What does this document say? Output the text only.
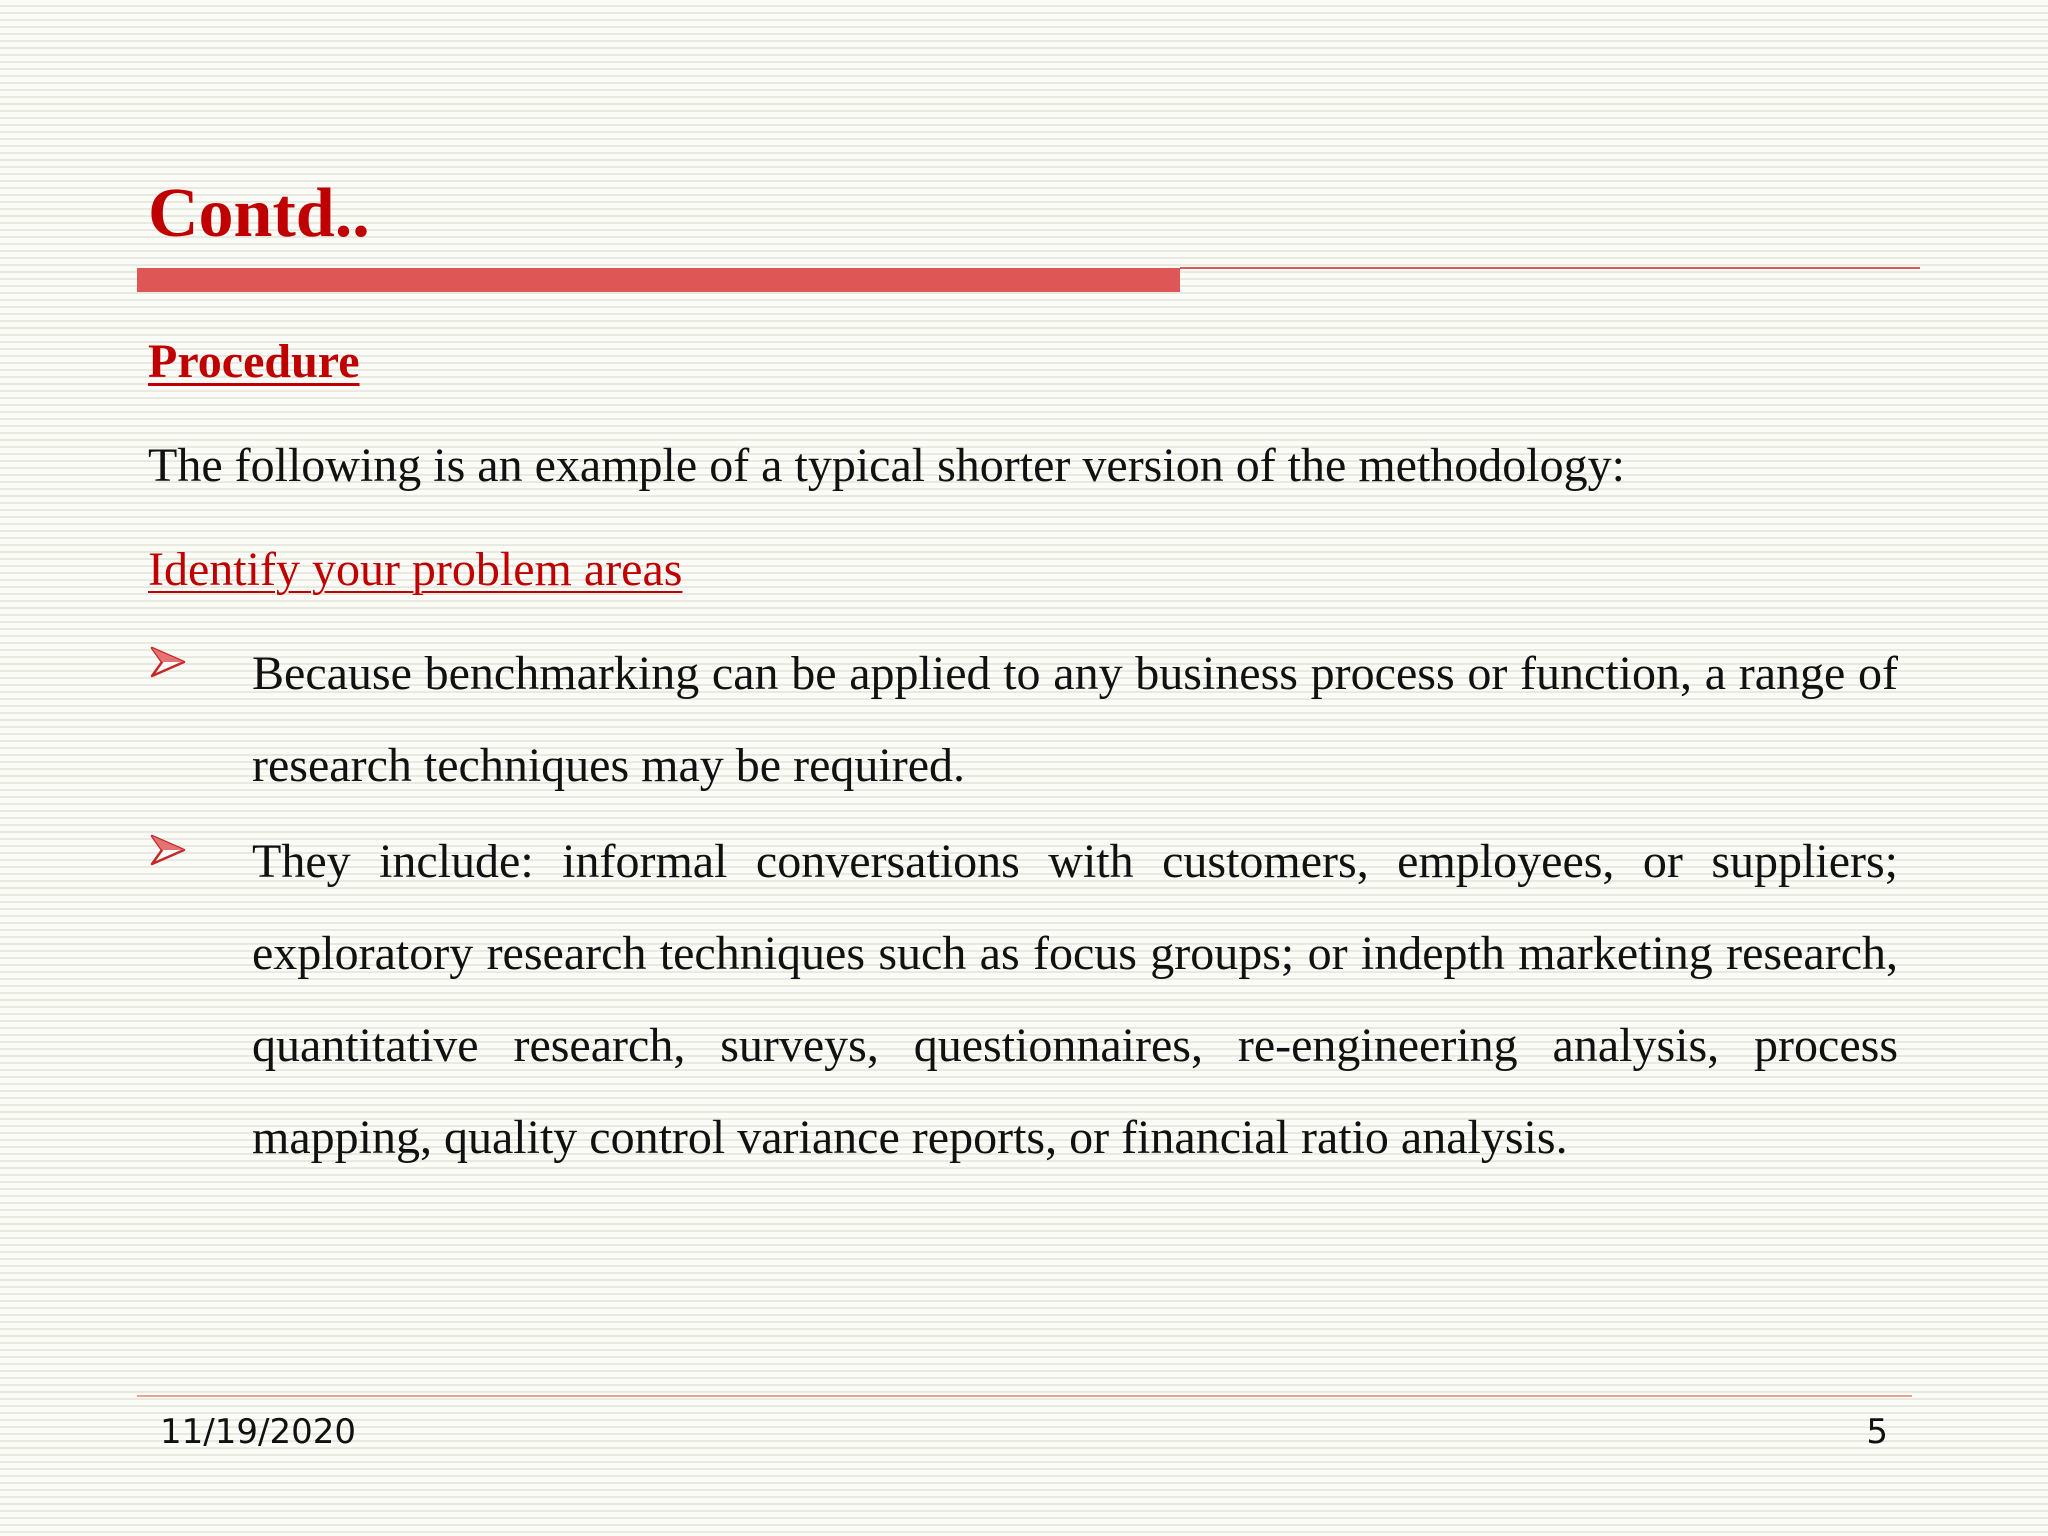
Contd..

Procedure

The following is an example of a typical shorter version of the methodology:

Identify your problem areas

Because benchmarking can be applied to any business process or function, a range of research techniques may be required.
They include: informal conversations with customers, employees, or suppliers; exploratory research techniques such as focus groups; or indepth marketing research, quantitative research, surveys, questionnaires, re-engineering analysis, process mapping, quality control variance reports, or financial ratio analysis.
11/19/2020	5
